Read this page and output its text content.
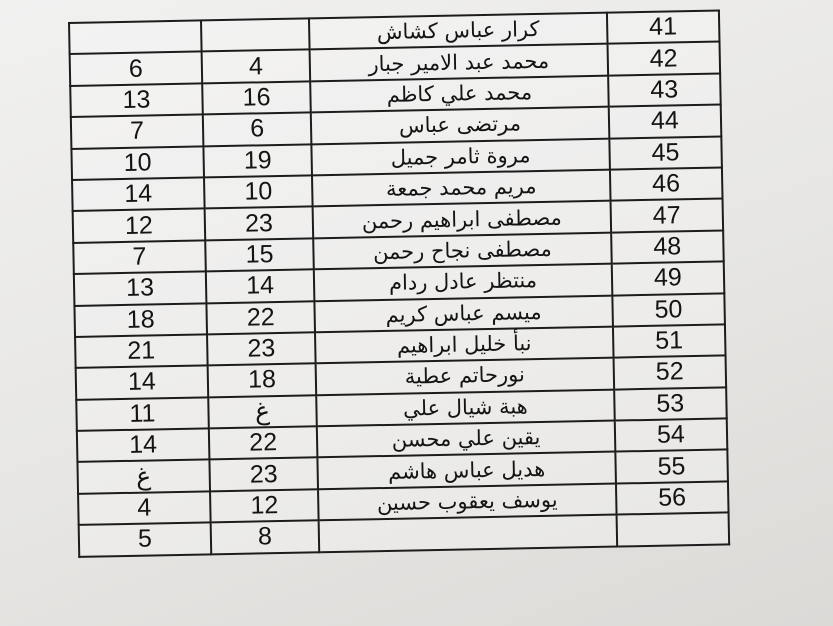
		كرار عباس كشاش	41
6	4	محمد عبد الامير جبار	42
13	16	محمد علي كاظم	43
7	6	مرتضى عباس	44
10	19	مروة ثامر جميل	45
14	10	مريم محمد جمعة	46
12	23	مصطفى ابراهيم رحمن	47
7	15	مصطفى نجاح رحمن	48
13	14	منتظر عادل ردام	49
18	22	ميسم عباس كريم	50
21	23	نبأ خليل ابراهيم	51
14	18	نورحاتم عطية	52
11	غ	هبة شيال علي	53
14	22	يقين علي محسن	54
غ	23	هديل عباس هاشم	55
4	12	يوسف يعقوب حسين	56
5	8		
